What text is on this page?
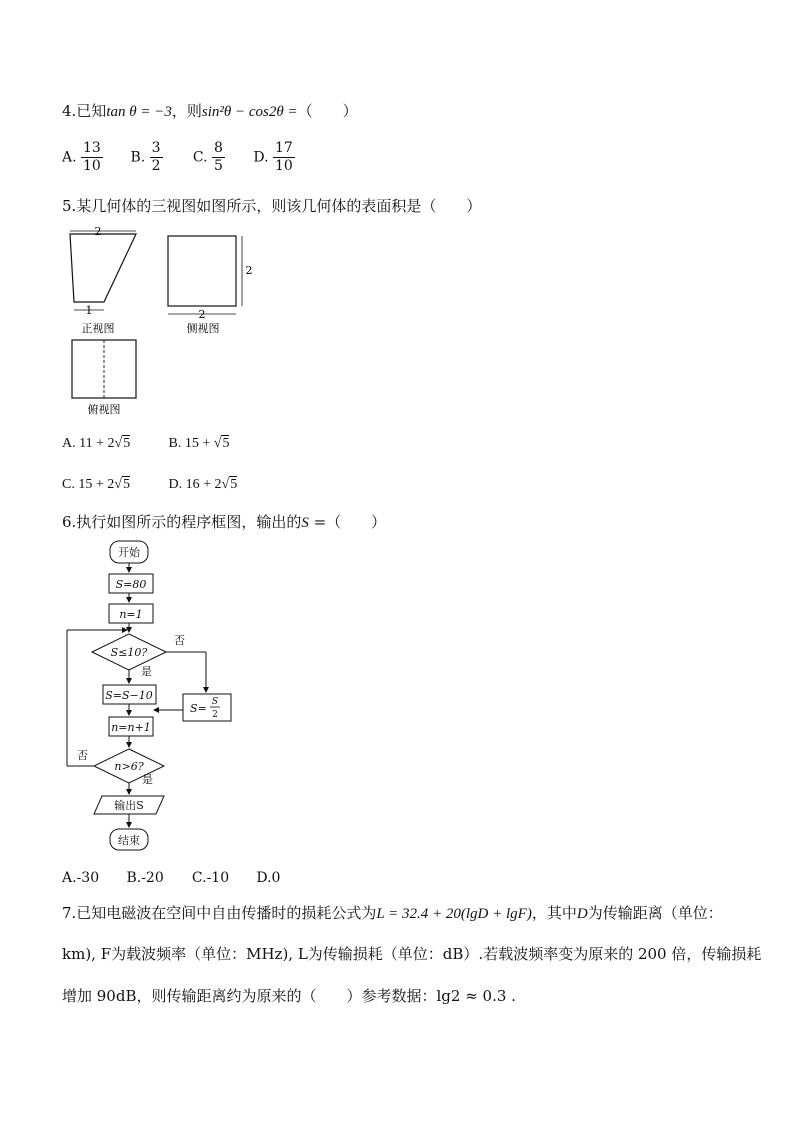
4.已知tan θ = −3，则sin²θ − cos2θ =（　　）
A. $\frac{13}{10} B$. $\frac{3}{2} C$. $\frac{8}{5} D$. $\frac{17}{10}$
5.某几何体的三视图如图所示，则该几何体的表面积是（　　）
2
1
正视图
2
2
侧视图
俯视图
A. 11 + 2√5	B. 15 + √5
C. 15 + 2√5	D. 16 + 2√5
6.执行如图所示的程序框图，输出的S =（　　）
开始
S=80
n=1
S≤10?
否
是
S=S−10
S= S
2
n=n+1
n>6?
否
是
输出S
结束
A.-30 B.-20 C.-10 D.0
7.已知电磁波在空间中自由传播时的损耗公式为L = 32.4 + 20(lgD + lgF)，其中D为传输距离（单位：
km), F为载波频率（单位：MHz), L为传输损耗（单位：dB）.若载波频率变为原来的 200 倍，传输损耗
增加 90dB，则传输距离约为原来的（　　）参考数据：lg2 ≈ 0.3 .
